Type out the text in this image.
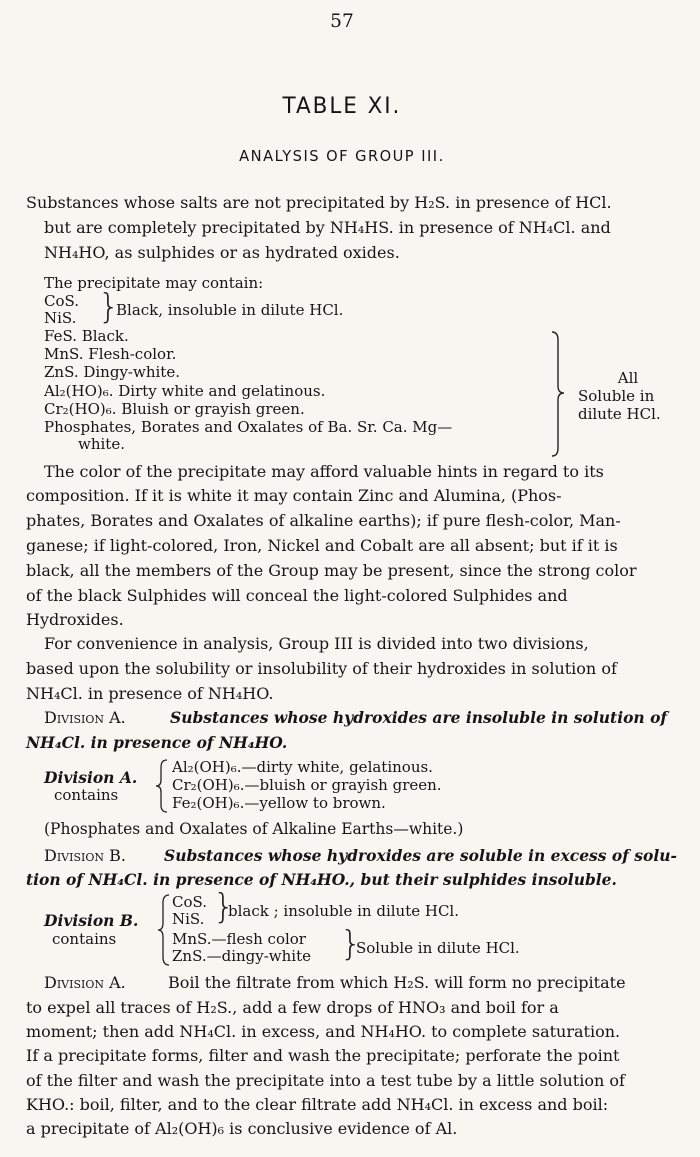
57
TABLE XI.
ANALYSIS OF GROUP III.
Substances whose salts are not precipitated by H₂S. in presence of HCl.
but are completely precipitated by NH₄HS. in presence of NH₄Cl. and
NH₄HO, as sulphides or as hydrated oxides.
The precipitate may contain:
CoS.
NiS. }
Black, insoluble in dilute HCl.
FeS. Black.
MnS. Flesh-color.
ZnS. Dingy-white.
Al₂(HO)₆. Dirty white and gelatinous.
Cr₂(HO)₆. Bluish or grayish green.
Phosphates, Borates and Oxalates of Ba. Sr. Ca. Mg—
white.
All
Soluble in
dilute HCl.
The color of the precipitate may afford valuable hints in regard to its
composition. If it is white it may contain Zinc and Alumina, (Phos-
phates, Borates and Oxalates of alkaline earths); if pure flesh-color, Man-
ganese; if light-colored, Iron, Nickel and Cobalt are all absent; but if it is
black, all the members of the Group may be present, since the strong color
of the black Sulphides will conceal the light-colored Sulphides and
Hydroxides.
For convenience in analysis, Group III is divided into two divisions,
based upon the solubility or insolubility of their hydroxides in solution of
NH₄Cl. in presence of NH₄HO.
Division A.	Substances whose hydroxides are insoluble in solution of
NH₄Cl. in presence of NH₄HO.
Division A.
contains
Al₂(OH)₆.—dirty white, gelatinous.
Cr₂(OH)₆.—bluish or grayish green.
Fe₂(OH)₆.—yellow to brown.
(Phosphates and Oxalates of Alkaline Earths—white.)
Division B. Substances whose hydroxides are soluble in excess of solu-
tion of NH₄Cl. in presence of NH₄HO., but their sulphides insoluble.
Division B.
contains
CoS.
NiS. }
black ; insoluble in dilute HCl.
MnS.—flesh color
ZnS.—dingy-white }
Soluble in dilute HCl.
Division A.	Boil the filtrate from which H₂S. will form no precipitate
to expel all traces of H₂S., add a few drops of HNO₃ and boil for a
moment; then add NH₄Cl. in excess, and NH₄HO. to complete saturation.
If a precipitate forms, filter and wash the precipitate; perforate the point
of the filter and wash the precipitate into a test tube by a little solution of
KHO.: boil, filter, and to the clear filtrate add NH₄Cl. in excess and boil:
a precipitate of Al₂(OH)₆ is conclusive evidence of Al.
